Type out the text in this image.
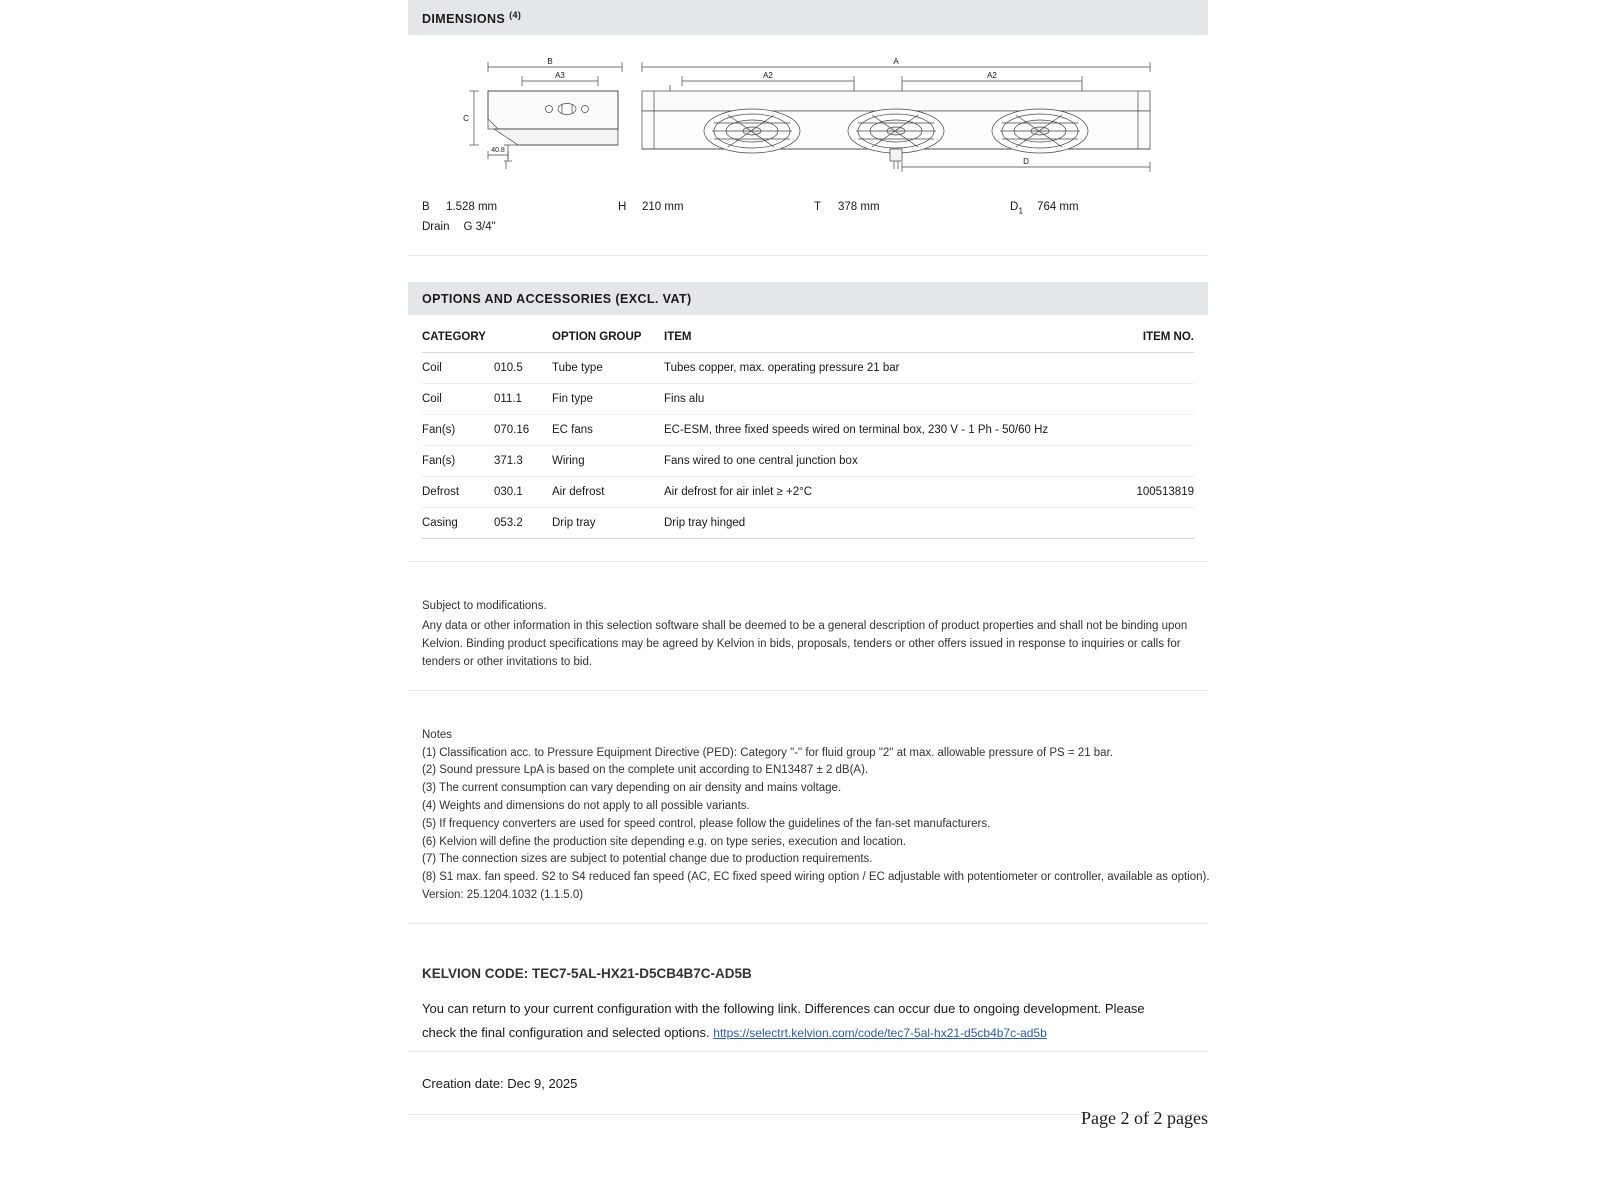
DIMENSIONS $^{(4)}$
B
A3
C
40.8
A
A2	A2
D
B 1.528 mm	H 210 mm	T 378 mm	$D_1$ 764 mm
Drain G 3/4"
OPTIONS AND ACCESSORIES (EXCL. VAT)
CATEGORY		OPTION GROUP	ITEM	ITEM NO.
Coil	010.5	Tube type	Tubes copper, max. operating pressure 21 bar	
Coil	011.1	Fin type	Fins alu	
Fan(s)	070.16	EC fans	EC-ESM, three fixed speeds wired on terminal box, 230 V - 1 Ph - 50/60 Hz	
Fan(s)	371.3	Wiring	Fans wired to one central junction box	
Defrost	030.1	Air defrost	Air defrost for air inlet ≥ +2°C	100513819
Casing	053.2	Drip tray	Drip tray hinged	

Subject to modifications.

Any data or other information in this selection software shall be deemed to be a general description of product properties and shall not be binding upon Kelvion. Binding product specifications may be agreed by Kelvion in bids, proposals, tenders or other offers issued in response to inquiries or calls for tenders or other invitations to bid.

Notes

(1) Classification acc. to Pressure Equipment Directive (PED): Category "-" for fluid group "2" at max. allowable pressure of PS = 21 bar.

(2) Sound pressure LpA is based on the complete unit according to EN13487 ± 2 dB(A).

(3) The current consumption can vary depending on air density and mains voltage.

(4) Weights and dimensions do not apply to all possible variants.

(5) If frequency converters are used for speed control, please follow the guidelines of the fan-set manufacturers.

(6) Kelvion will define the production site depending e.g. on type series, execution and location.

(7) The connection sizes are subject to potential change due to production requirements.

(8) S1 max. fan speed. S2 to S4 reduced fan speed (AC, EC fixed speed wiring option / EC adjustable with potentiometer or controller, available as option).

Version: 25.1204.1032 (1.1.5.0)

KELVION CODE: TEC7-5AL-HX21-D5CB4B7C-AD5B
You can return to your current configuration with the following link. Differences can occur due to ongoing development. Please
check the final configuration and selected options. https://selectrt.kelvion.com/code/tec7-5al-hx21-d5cb4b7c-ad5b
Creation date: Dec 9, 2025
Page 2 of 2 pages
